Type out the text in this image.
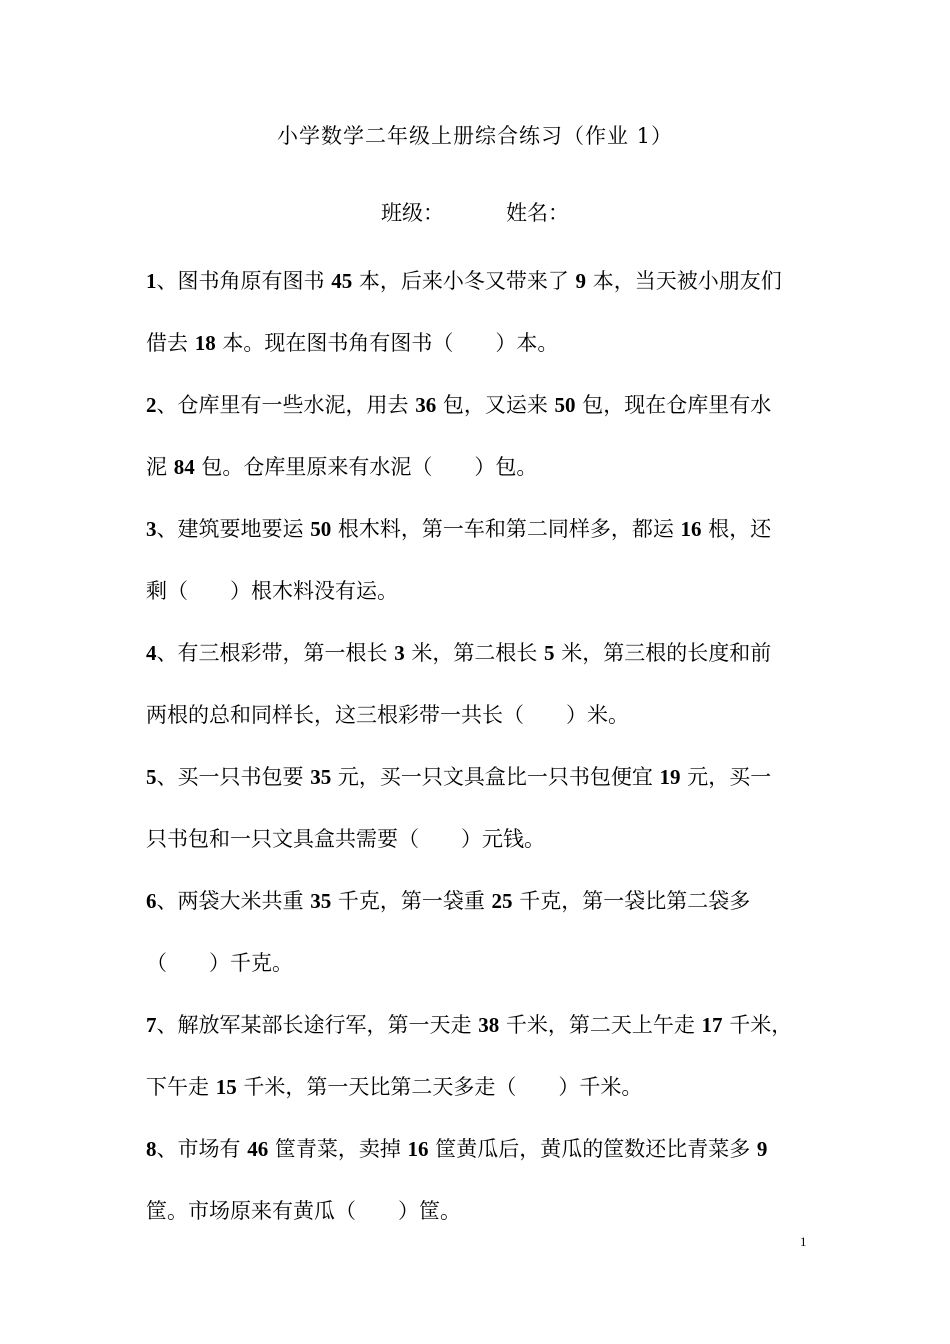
小学数学二年级上册综合练习（作业 1）
班级：	姓名：
1、图书角原有图书 45 本，后来小冬又带来了 9 本，当天被小朋友们
借去 18 本。现在图书角有图书（　　）本。
2、仓库里有一些水泥，用去 36 包，又运来 50 包，现在仓库里有水
泥 84 包。仓库里原来有水泥（　　）包。
3、建筑要地要运 50 根木料，第一车和第二同样多，都运 16 根，还
剩（　　）根木料没有运。
4、有三根彩带，第一根长 3 米，第二根长 5 米，第三根的长度和前
两根的总和同样长，这三根彩带一共长（　　）米。
5、买一只书包要 35 元，买一只文具盒比一只书包便宜 19 元，买一
只书包和一只文具盒共需要（　　）元钱。
6、两袋大米共重 35 千克，第一袋重 25 千克，第一袋比第二袋多
（　　）千克。
7、解放军某部长途行军，第一天走 38 千米，第二天上午走 17 千米，
下午走 15 千米，第一天比第二天多走（　　）千米。
8、市场有 46 筐青菜，卖掉 16 筐黄瓜后，黄瓜的筐数还比青菜多 9
筐。市场原来有黄瓜（　　）筐。
1
